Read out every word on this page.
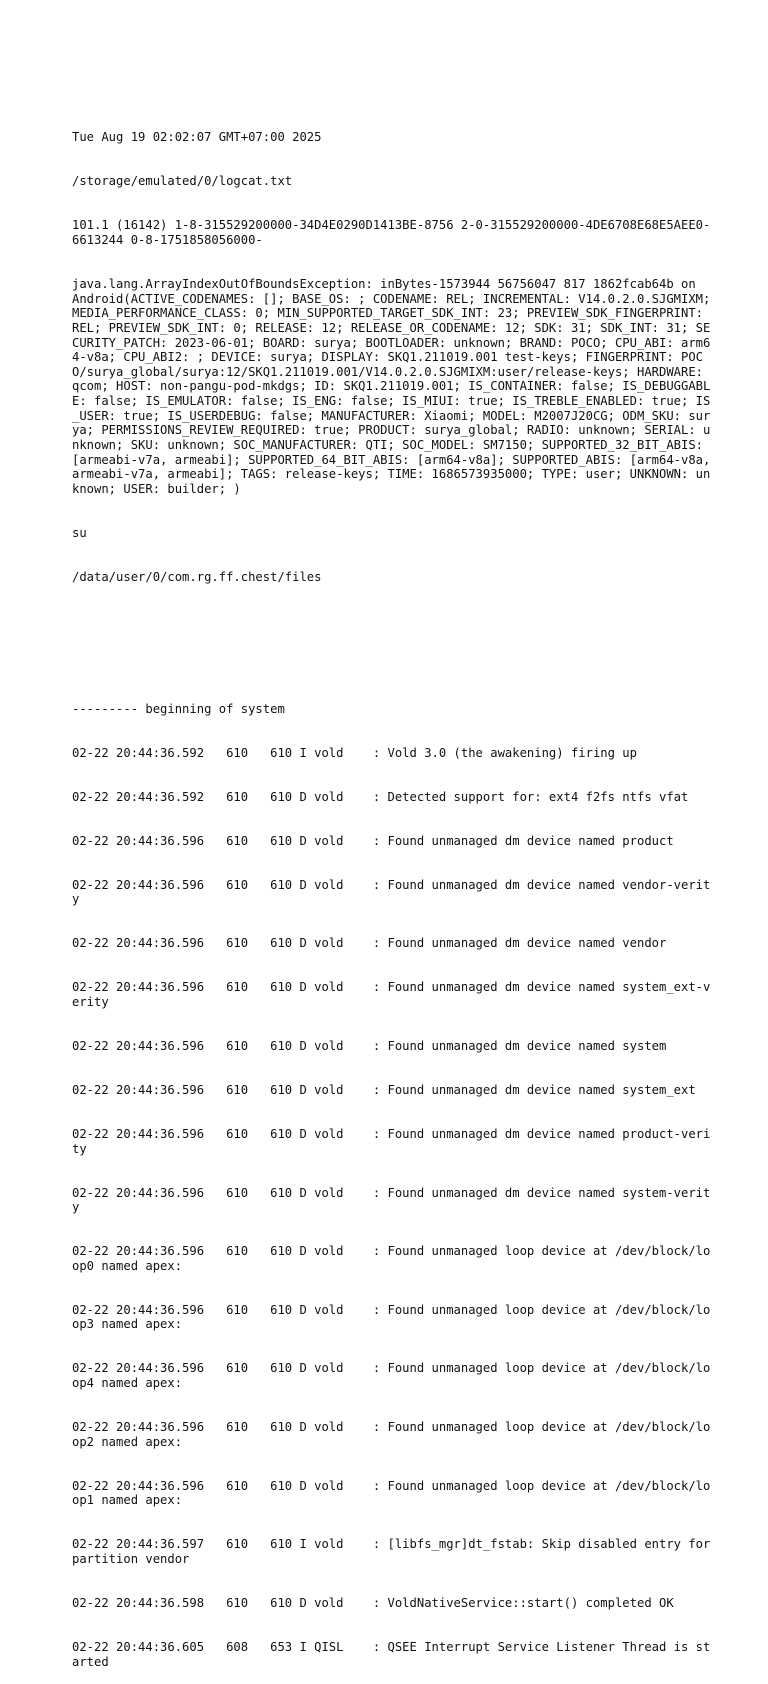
Tue Aug 19 02:02:07 GMT+07:00 2025

/storage/emulated/0/logcat.txt

101.1 (16142) 1-8-315529200000-34D4E0290D1413BE-8756 2-0-315529200000-4DE6708E68E5AEE0-6613244 0-8-1751858056000-

java.lang.ArrayIndexOutOfBoundsException: inBytes-1573944 56756047 817 1862fcab64b on  Android(ACTIVE_CODENAMES: []; BASE_OS: ; CODENAME: REL; INCREMENTAL: V14.0.2.0.SJGMIXM; MEDIA_PERFORMANCE_CLASS: 0; MIN_SUPPORTED_TARGET_SDK_INT: 23; PREVIEW_SDK_FINGERPRINT: REL; PREVIEW_SDK_INT: 0; RELEASE: 12; RELEASE_OR_CODENAME: 12; SDK: 31; SDK_INT: 31; SECURITY_PATCH: 2023-06-01; BOARD: surya; BOOTLOADER: unknown; BRAND: POCO; CPU_ABI: arm64-v8a; CPU_ABI2: ; DEVICE: surya; DISPLAY: SKQ1.211019.001 test-keys; FINGERPRINT: POCO/surya_global/surya:12/SKQ1.211019.001/V14.0.2.0.SJGMIXM:user/release-keys; HARDWARE: qcom; HOST: non-pangu-pod-mkdgs; ID: SKQ1.211019.001; IS_CONTAINER: false; IS_DEBUGGABLE: false; IS_EMULATOR: false; IS_ENG: false; IS_MIUI: true; IS_TREBLE_ENABLED: true; IS_USER: true; IS_USERDEBUG: false; MANUFACTURER: Xiaomi; MODEL: M2007J20CG; ODM_SKU: surya; PERMISSIONS_REVIEW_REQUIRED: true; PRODUCT: surya_global; RADIO: unknown; SERIAL: unknown; SKU: unknown; SOC_MANUFACTURER: QTI; SOC_MODEL: SM7150; SUPPORTED_32_BIT_ABIS: [armeabi-v7a, armeabi]; SUPPORTED_64_BIT_ABIS: [arm64-v8a]; SUPPORTED_ABIS: [arm64-v8a, armeabi-v7a, armeabi]; TAGS: release-keys; TIME: 1686573935000; TYPE: user; UNKNOWN: unknown; USER: builder; )

su

/data/user/0/com.rg.ff.chest/files

--------- beginning of system

02-22 20:44:36.592   610   610 I vold    : Vold 3.0 (the awakening) firing up

02-22 20:44:36.592   610   610 D vold    : Detected support for: ext4 f2fs ntfs vfat

02-22 20:44:36.596   610   610 D vold    : Found unmanaged dm device named product

02-22 20:44:36.596   610   610 D vold    : Found unmanaged dm device named vendor-verity

02-22 20:44:36.596   610   610 D vold    : Found unmanaged dm device named vendor

02-22 20:44:36.596   610   610 D vold    : Found unmanaged dm device named system_ext-verity

02-22 20:44:36.596   610   610 D vold    : Found unmanaged dm device named system

02-22 20:44:36.596   610   610 D vold    : Found unmanaged dm device named system_ext

02-22 20:44:36.596   610   610 D vold    : Found unmanaged dm device named product-verity

02-22 20:44:36.596   610   610 D vold    : Found unmanaged dm device named system-verity

02-22 20:44:36.596   610   610 D vold    : Found unmanaged loop device at /dev/block/loop0 named apex:

02-22 20:44:36.596   610   610 D vold    : Found unmanaged loop device at /dev/block/loop3 named apex:

02-22 20:44:36.596   610   610 D vold    : Found unmanaged loop device at /dev/block/loop4 named apex:

02-22 20:44:36.596   610   610 D vold    : Found unmanaged loop device at /dev/block/loop2 named apex:

02-22 20:44:36.596   610   610 D vold    : Found unmanaged loop device at /dev/block/loop1 named apex:

02-22 20:44:36.597   610   610 I vold    : [libfs_mgr]dt_fstab: Skip disabled entry for partition vendor

02-22 20:44:36.598   610   610 D vold    : VoldNativeService::start() completed OK

02-22 20:44:36.605   608   653 I QISL    : QSEE Interrupt Service Listener Thread is started
